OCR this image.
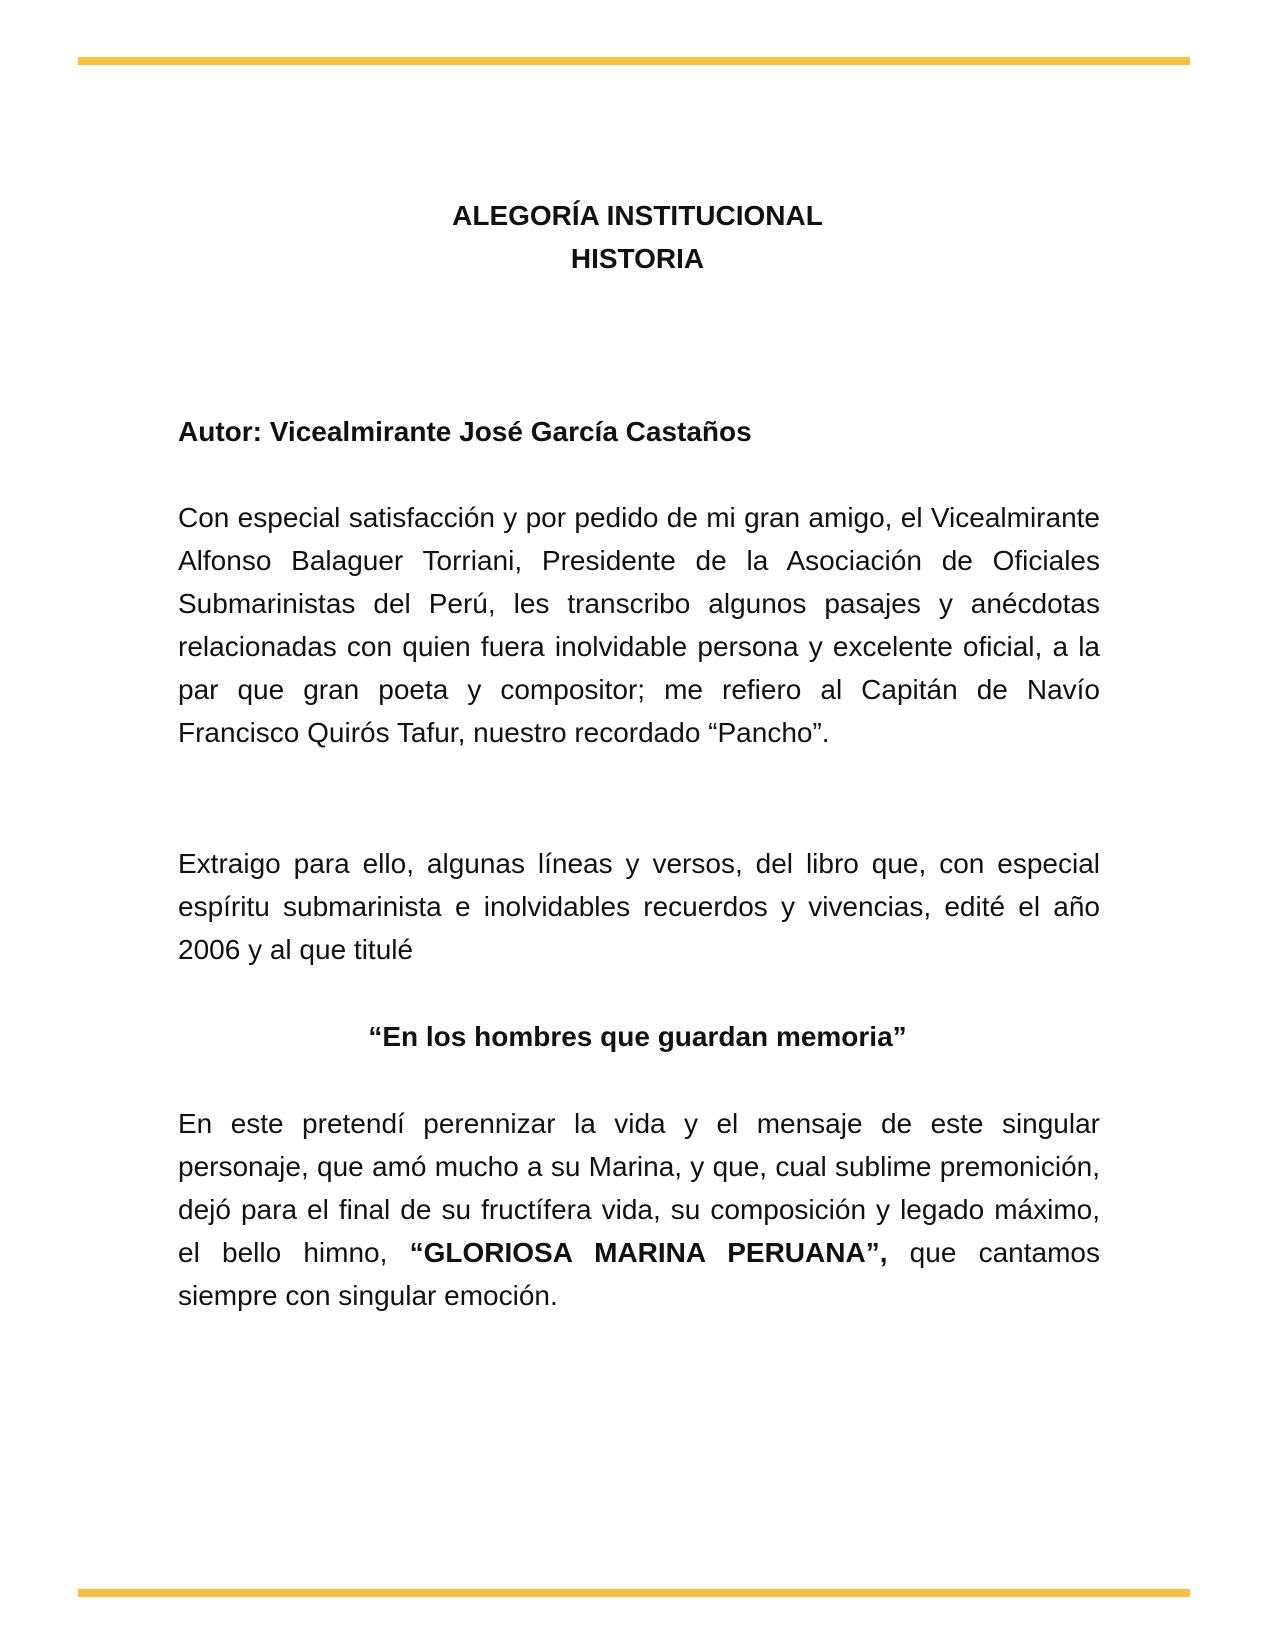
ALEGORÍA INSTITUCIONAL
HISTORIA
Autor: Vicealmirante José García Castaños

Con especial satisfacción y por pedido de mi gran amigo, el Vicealmirante Alfonso Balaguer Torriani, Presidente de la Asociación de Oficiales Submarinistas del Perú, les transcribo algunos pasajes y anécdotas relacionadas con quien fuera inolvidable persona y excelente oficial, a la par que gran poeta y compositor; me refiero al Capitán de Navío Francisco Quirós Tafur, nuestro recordado “Pancho”.

Extraigo para ello, algunas líneas y versos, del libro que, con especial espíritu submarinista e inolvidables recuerdos y vivencias, edité el año 2006 y al que titulé

“En los hombres que guardan memoria”

En este pretendí perennizar la vida y el mensaje de este singular personaje, que amó mucho a su Marina, y que, cual sublime premonición, dejó para el final de su fructífera vida, su composición y legado máximo, el bello himno, “GLORIOSA MARINA PERUANA”, que cantamos siempre con singular emoción.
